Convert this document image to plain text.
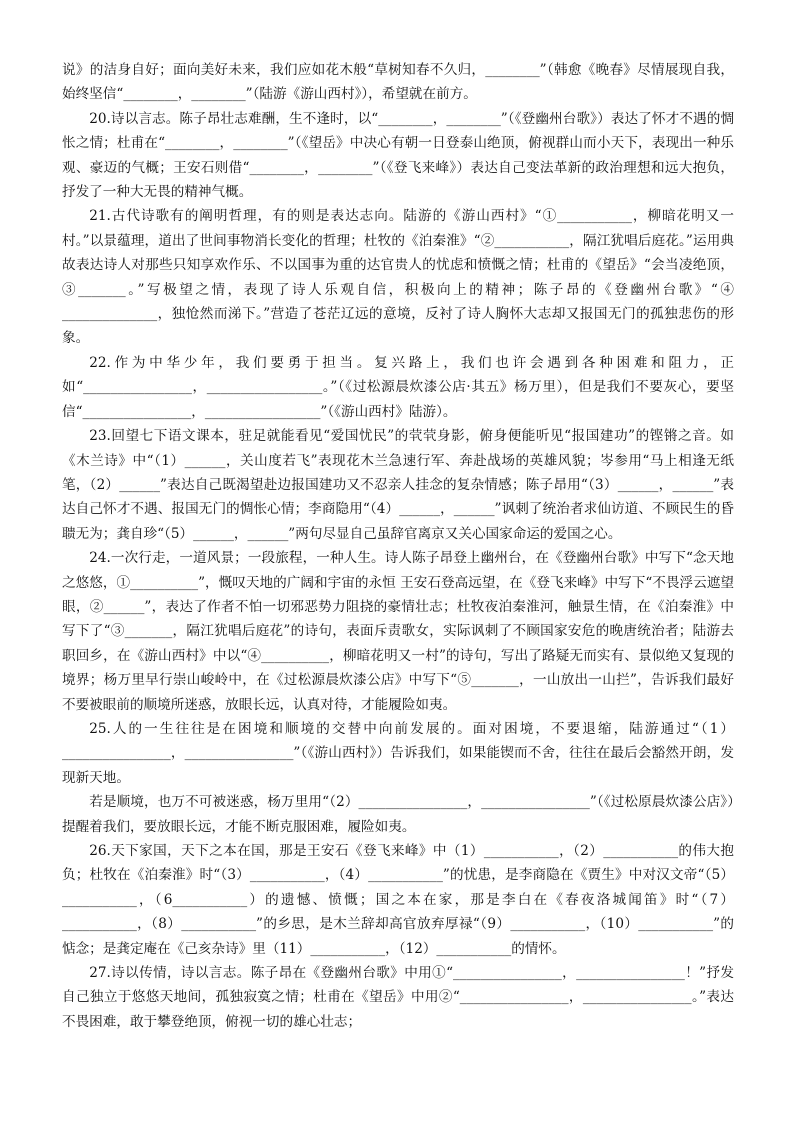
说》的洁身自好；面向美好未来，我们应如花木般“草树知春不久归，________”（韩愈《晚春》尽情展现自我，始终坚信“________，________”（陆游《游山西村》），希望就在前方。

20.诗以言志。陈子昂壮志难酬，生不逢时，以“________，________”（《登幽州台歌》）表达了怀才不遇的惆怅之情；杜甫在“________，________”（《望岳》中决心有朝一日登泰山绝顶，俯视群山而小天下，表现出一种乐观、豪迈的气概；王安石则借“________，________”（《登飞来峰》）表达自己变法革新的政治理想和远大抱负，抒发了一种大无畏的精神气概。

21.古代诗歌有的阐明哲理，有的则是表达志向。陆游的《游山西村》“①___________，柳暗花明又一村。”以景蕴理，道出了世间事物消长变化的哲理；杜牧的《泊秦淮》“②___________，隔江犹唱后庭花。”运用典故表达诗人对那些只知享欢作乐、不以国事为重的达官贵人的忧虑和愤慨之情；杜甫的《望岳》“会当凌绝顶，③_______。”写极望之情，表现了诗人乐观自信，积极向上的精神；陈子昂的《登幽州台歌》“④ ______________，独怆然而涕下。”营造了苍茫辽远的意境，反衬了诗人胸怀大志却又报国无门的孤独悲伤的形象。

22.作为中华少年，我们要勇于担当。复兴路上，我们也许会遇到各种困难和阻力，正如“________________，_________________。”（《过松源晨炊漆公店·其五》杨万里），但是我们不要灰心，要坚信“________________，_________________”（《游山西村》陆游）。

23.回望七下语文课本，驻足就能看见“爱国忧民”的茕茕身影，俯身便能听见“报国建功”的铿锵之音。如《木兰诗》中“（1）______，关山度若飞”表现花木兰急速行军、奔赴战场的英雄风貌；岑参用“马上相逢无纸笔，（2）______”表达自己既渴望赴边报国建功又不忍亲人挂念的复杂情感；陈子昂用“（3）______，______”表达自己怀才不遇、报国无门的惆怅心情；李商隐用“（4）______，______”讽刺了统治者求仙访道、不顾民生的昏聩无为；龚自珍“（5）______，______”两句尽显自己虽辞官离京又关心国家命运的爱国之心。

24.一次行走，一道风景；一段旅程，一种人生。诗人陈子昂登上幽州台，在《登幽州台歌》中写下“念天地之悠悠，①__________”，慨叹天地的广阔和宇宙的永恒 王安石登高远望，在《登飞来峰》中写下“不畏浮云遮望眼，②______”，表达了作者不怕一切邪恶势力阻挠的豪情壮志；杜牧夜泊秦淮河，触景生情，在《泊秦淮》中写下了“③_______，隔江犹唱后庭花”的诗句，表面斥责歌女，实际讽刺了不顾国家安危的晚唐统治者；陆游去职回乡，在《游山西村》中以“④__________，柳暗花明又一村”的诗句，写出了路疑无而实有、景似绝又复现的境界；杨万里早行崇山峻岭中，在《过松源晨炊漆公店》中写下“⑤_______，一山放出一山拦”，告诉我们最好不要被眼前的顺境所迷惑，放眼长远，认真对待，才能履险如夷。

25.人的一生往往是在困境和顺境的交替中向前发展的。面对困境，不要退缩，陆游通过“（1）________________，________________”（《游山西村》）告诉我们，如果能锲而不舍，往往在最后会豁然开朗，发现新天地。

若是顺境，也万不可被迷惑，杨万里用“（2）________________，________________”（《过松原晨炊漆公店》）提醒着我们，要放眼长远，才能不断克服困难，履险如夷。

26.天下家国，天下之本在国，那是王安石《登飞来峰》中（1）___________，（2）___________的伟大抱负；杜牧在《泊秦淮》时“（3）___________，（4）___________”的忧患，是李商隐在《贾生》中对汉文帝“（5）___________，（6___________）的遗憾、愤慨；国之本在家，那是李白在《春夜洛城闻笛》时“（7）___________，（8）___________”的乡思，是木兰辞却高官放弃厚禄“（9）___________，（10）___________”的惦念；是龚定庵在《己亥杂诗》里（11）___________，（12）___________的情怀。

27.诗以传情，诗以言志。陈子昂在《登幽州台歌》中用①“________________，________________！”抒发自己独立于悠悠天地间，孤独寂寞之情；杜甫在《望岳》中用②“________________，________________。”表达不畏困难，敢于攀登绝顶，俯视一切的雄心壮志；
